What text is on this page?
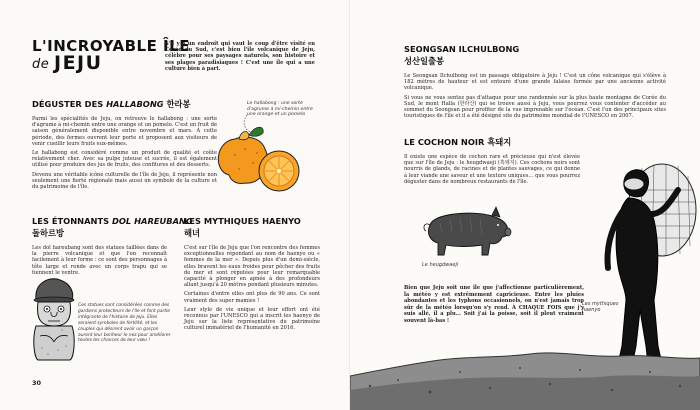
L'INCROYABLE ÎLE
de JEJU
S'il y a un endroit qui vaut le coup d'être visité en Corée du Sud, c'est bien l'île volcanique de Jeju, célèbre pour ses paysages naturels, son histoire et ses plages paradisiaques ! C'est une île qui a une culture bien à part.
DÉGUSTER DES HALLABONG 한라봉

Parmi les spécialités de Jeju, on retrouve le hallabong : une sorte d'agrume à mi-chemin entre une orange et un pomelo. C'est un fruit de saison généralement disponible entre novembre et mars. À cette période, des fermes ouvrent leur porte et proposent aux visiteurs de venir cueillir leurs fruits eux-mêmes.

Le hallabong est considéré comme un produit de qualité et coûte relativement cher. Avec sa pulpe juteuse et sucrée, il est également utilisé pour produire des jus de fruits, des confitures et des desserts.

Devenu une véritable icône culturelle de l'île de Jeju, il représente non seulement une fierté régionale mais aussi un symbole de la culture et du patrimoine de l'île.

Le hallabong : une sorte d'agrume à mi-chemin entre une orange et un pomelo
LES ÉTONNANTS DOL HAREUBANG
돌하르방
Les dol hareubang sont des statues taillées dans de la pierre volcanique et que l'on reconnaît facilement à leur forme : ce sont des personnages à tête large et ronde avec un corps trapu qui se tiennent le ventre.
Ces statues sont considérées comme des gardiens protecteurs de l'île et font partie intégrante de l'histoire de Jeju. Elles seraient symboles de fertilité, et les couples qui désirent avoir un garçon auront leur bonheur le nez pour améliorer toutes les chances de leur vœu !
LES MYTHIQUES HAENYO
해녀

C'est sur l'île de Jeju que l'on rencontre des femmes exceptionnelles répondant au nom de haenyo ou « femmes de la mer ». Depuis plus d'un demi-siècle, elles bravent les eaux froides pour pêcher des fruits de mer et sont réputées pour leur remarquable capacité à plonger en apnée à des profondeurs allant jusqu'à 20 mètres pendant plusieurs minutes.

Certaines d'entre elles ont plus de 90 ans. Ce sont vraiment des super mamies !

Leur style de vie unique et leur effort ont été reconnus par l'UNESCO qui a inscrit les haenyo de Jeju sur la liste représentative du patrimoine culturel immatériel de l'humanité en 2016.

30
SEONGSAN ILCHULBONG
성산일출봉

Le Seongsan Ilchulbong est un passage obligatoire à Jeju ! C'est un cône volcanique qui s'élève à 182 mètres de hauteur et est entouré d'une grande falaise formée par une ancienne activité volcanique.

Si vous ne vous sentez pas d'attaque pour une randonnée sur la plus haute montagne de Corée du Sud, le mont Halla (한라산) qui se trouve aussi à Jeju, vous pourrez vous contenter d'accéder au sommet du Seongsan pour profiter de la vue imprenable sur l'océan. C'est l'un des principaux sites touristiques de l'île et il a été désigné site du patrimoine mondial de l'UNESCO en 2007.

LE COCHON NOIR 흑돼지
Il existe une espèce de cochon rare et précieuse qui n'est élevée que sur l'île de Jeju : le heugdwaeji (흑돼지). Ces cochons noirs sont nourris de glands, de racines et de plantes sauvages, ce qui donne à leur viande une saveur et une texture uniques… que vous pourrez déguster dans de nombreux restaurants de l'île.
Le heugdwaeji
Bien que Jeju soit une île que j'affectionne particulièrement, la météo y est extrêmement capricieuse. Entre les pluies abondantes et les typhons occasionnels, on n'est jamais trop sûr de la météo lorsqu'on s'y rend. À CHAQUE FOIS que j'y suis allé, il a plu… Soit j'ai la poisse, soit il pleut vraiment souvent là-bas !
Les mythiques haenyo
